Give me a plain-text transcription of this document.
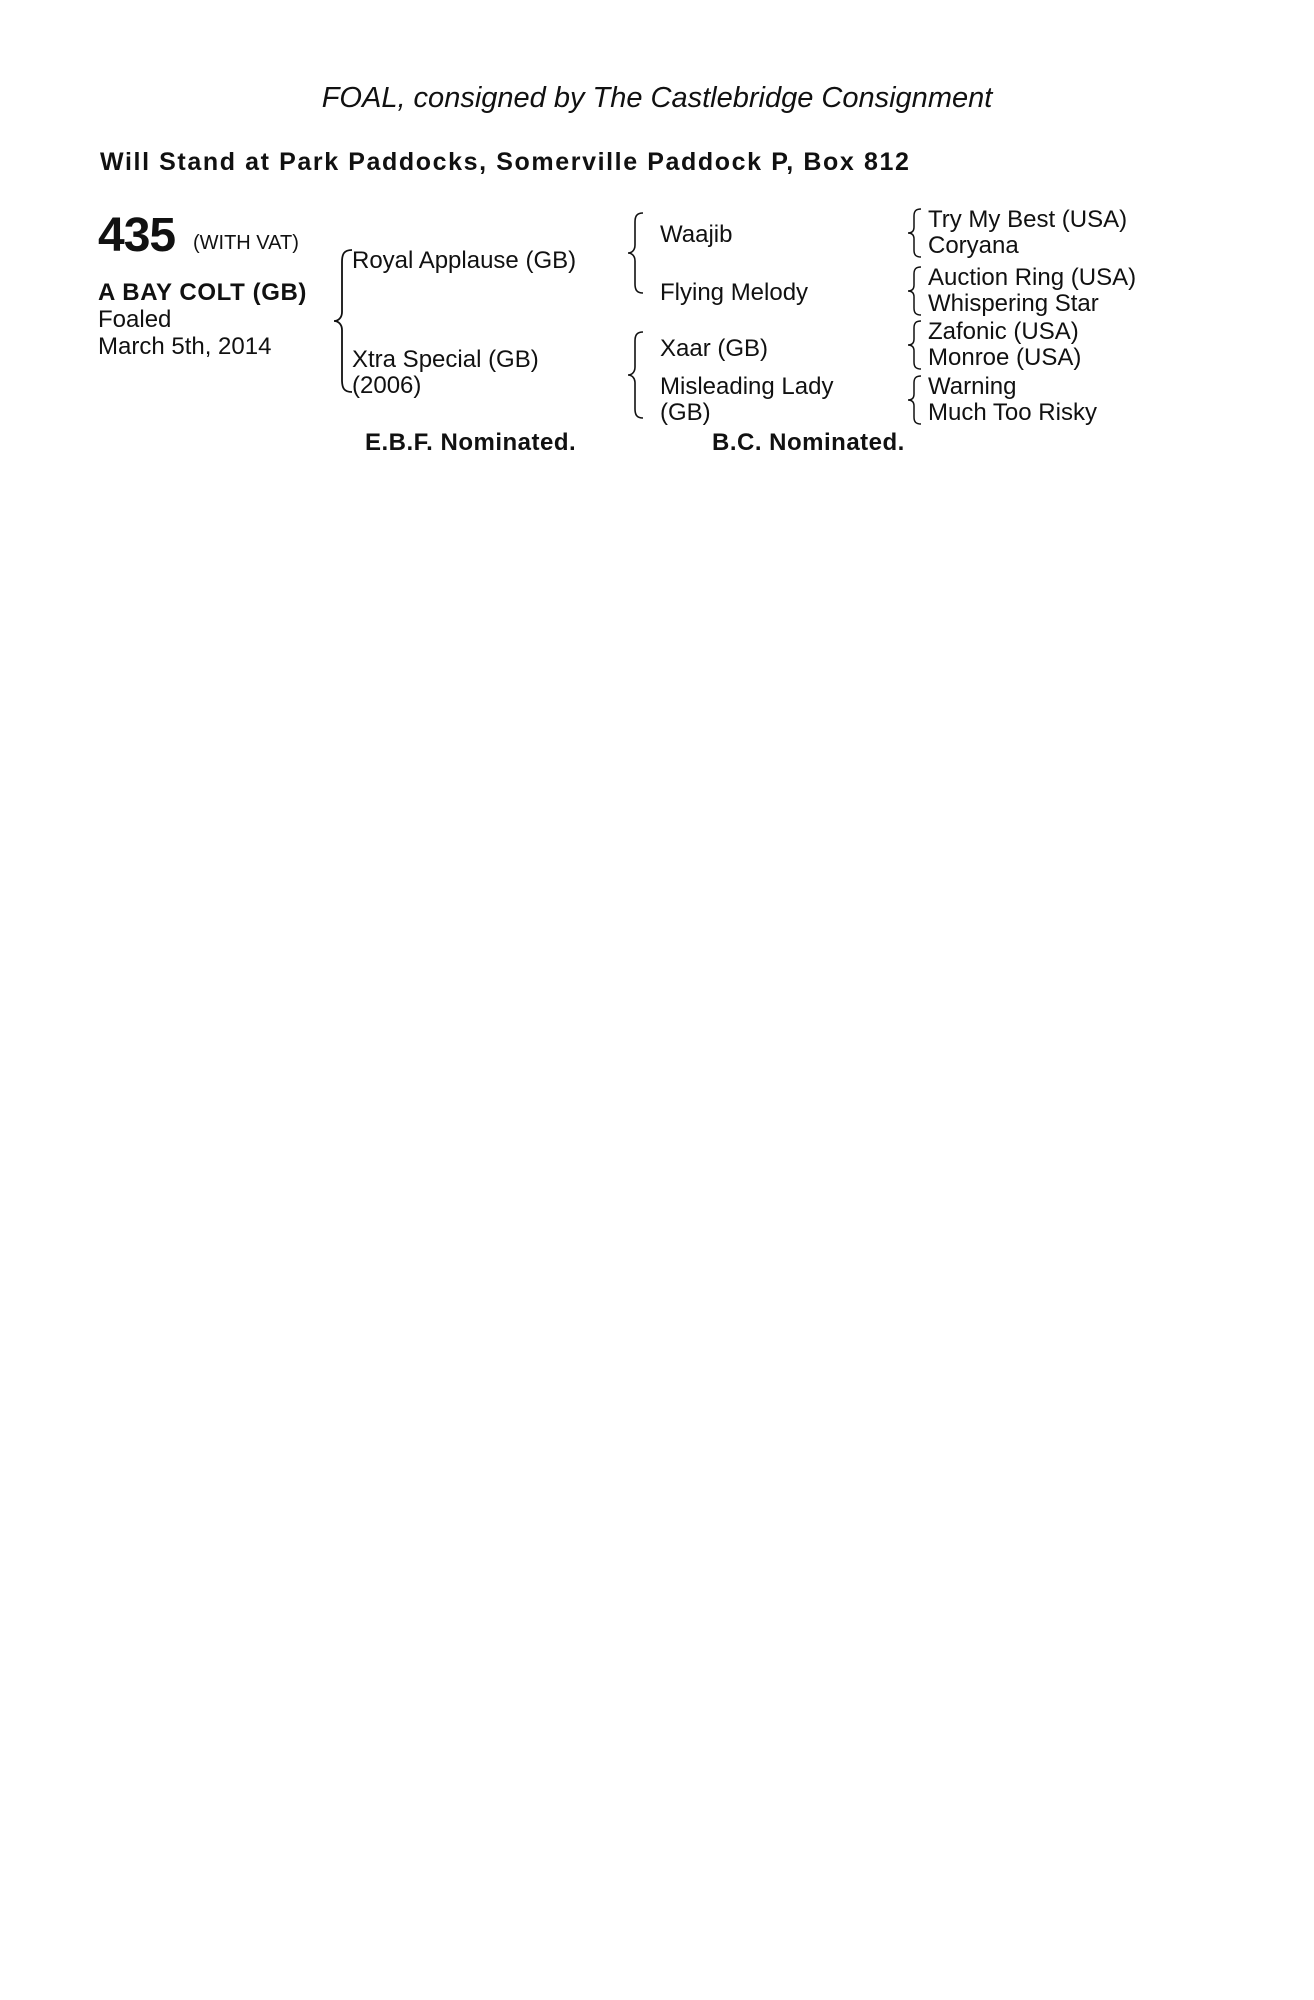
FOAL, consigned by The Castlebridge Consignment
Will Stand at Park Paddocks, Somerville Paddock P, Box 812
435 (WITH VAT)
A BAY COLT (GB)
Foaled
March 5th, 2014
Royal Applause (GB)
Xtra Special (GB)
(2006)
Waajib
Flying Melody
Xaar (GB)
Misleading Lady
(GB)
Try My Best (USA)
Coryana
Auction Ring (USA)
Whispering Star
Zafonic (USA)
Monroe (USA)
Warning
Much Too Risky
E.B.F. Nominated.	B.C. Nominated.
